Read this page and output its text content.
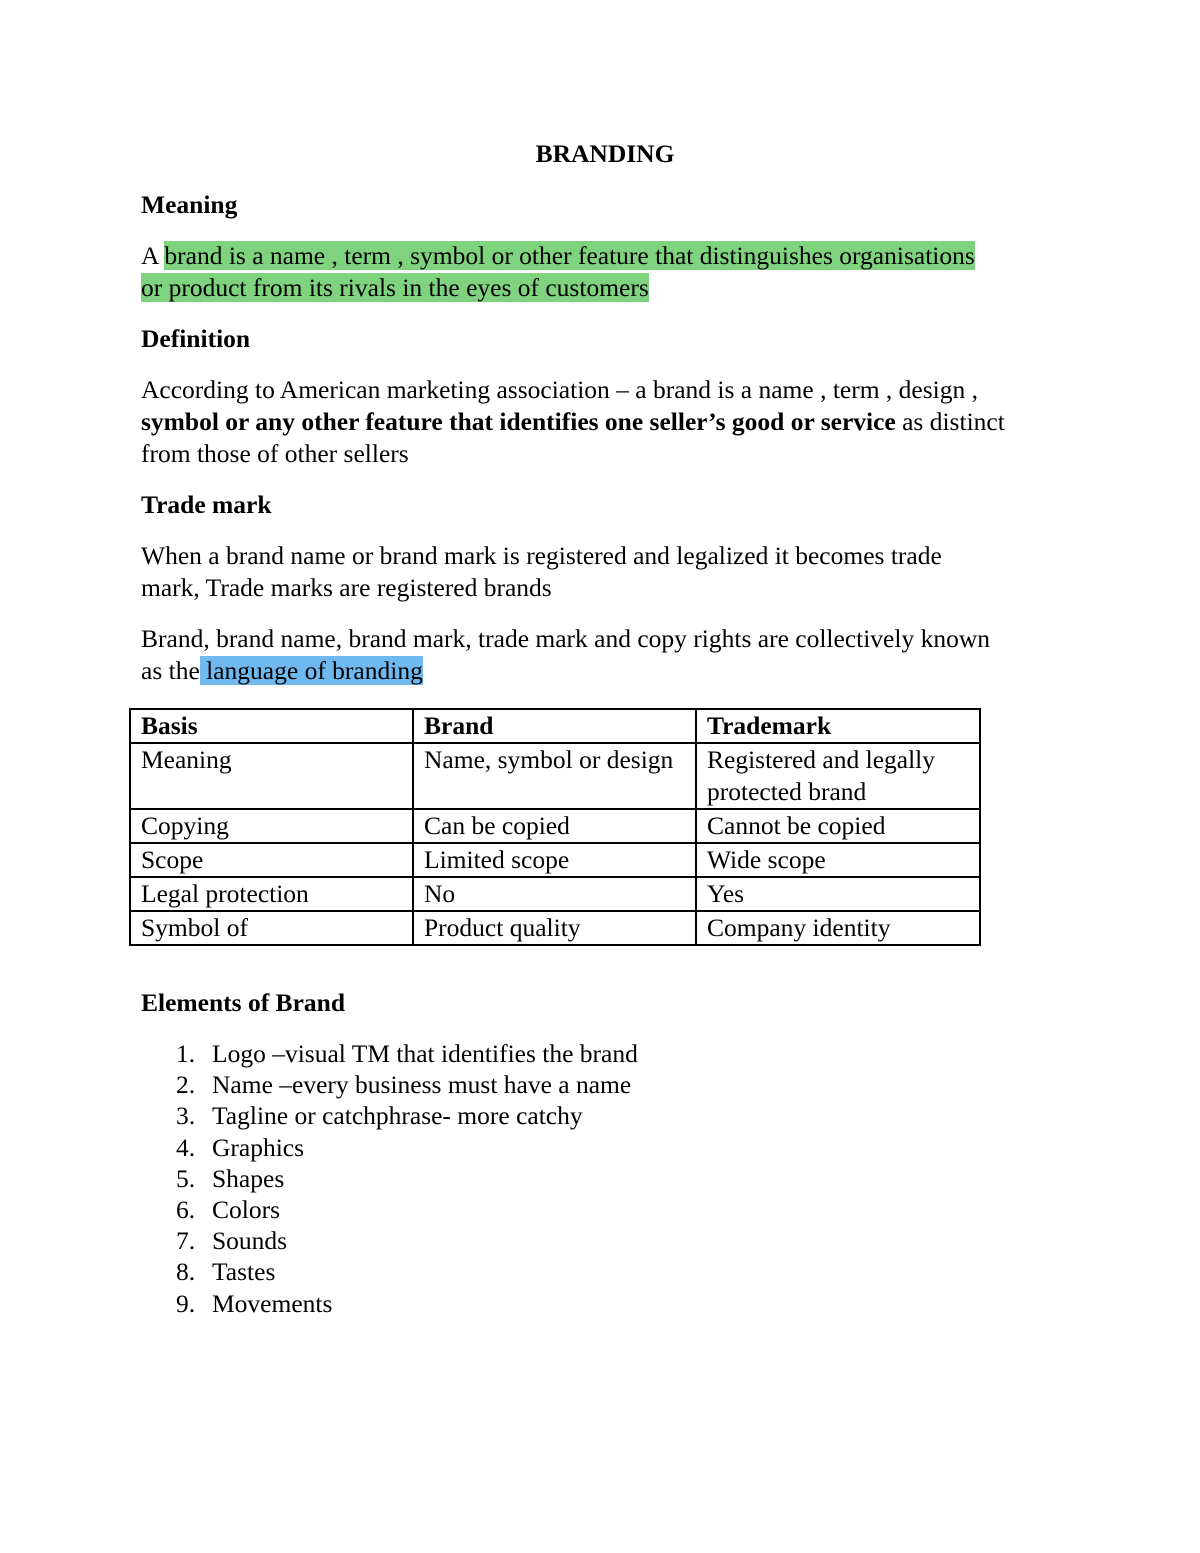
BRANDING
Meaning
A brand is a name , term , symbol or other feature that distinguishes organisations
or product from its rivals in the eyes of customers
Definition
According to American marketing association – a brand is a name , term , design ,
symbol or any other feature that identifies one seller’s good or service as distinct
from those of other sellers
Trade mark
When a brand name or brand mark is registered and legalized it becomes trade
mark, Trade marks are registered brands
Brand, brand name, brand mark, trade mark and copy rights are collectively known
as the language of branding
Basis	Brand	Trademark
Meaning	Name, symbol or design	Registered and legally protected brand
Copying	Can be copied	Cannot be copied
Scope	Limited scope	Wide scope
Legal protection	No	Yes
Symbol of	Product quality	Company identity
Elements of Brand
1. Logo –visual TM that identifies the brand
2. Name –every business must have a name
3. Tagline or catchphrase- more catchy
4. Graphics
5. Shapes
6. Colors
7. Sounds
8. Tastes
9. Movements
